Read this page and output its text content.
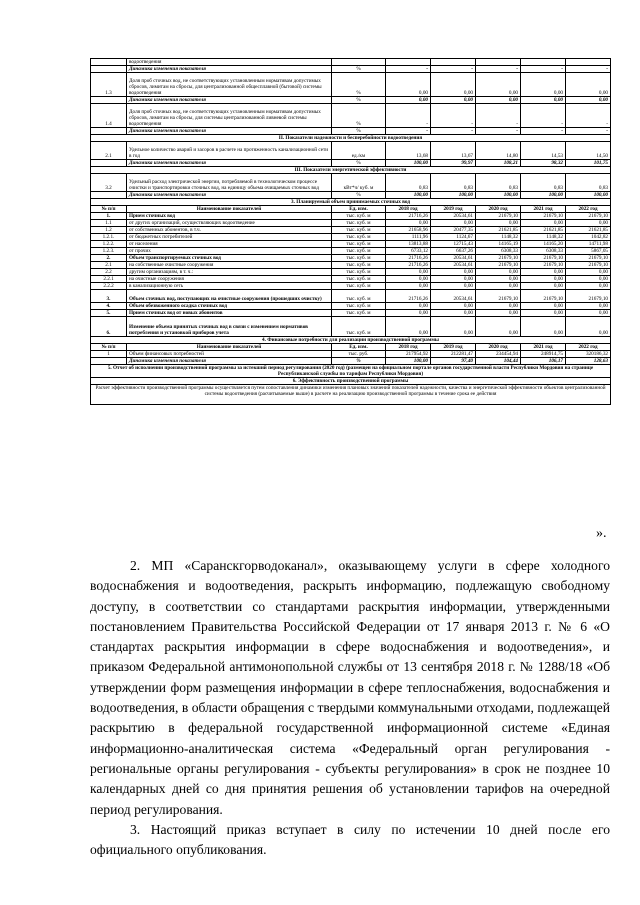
	водоотведения						
	Динамика изменения показателя	%	-	-	-	-	-
1.3	Доля проб сточных вод, не соответствующих установленным нормативам допустимых сбросов, лимитам на сбросы, для централизованной общесплавной (бытовой) системы водоотведения	%	0,00	0,00	0,00	0,00	0,00
	Динамика изменения показателя	%	0,00	0,00	0,00	0,00	0,00
1.4	Доля проб сточных вод, не соответствующих установленным нормативам допустимых сбросов, лимитам на сбросы, для системы централизованной ливневой системы водоотведения	%	-	-	-	-	-
	Динамика изменения показателя	%	-	-	-	-	-
II. Показатели надежности и бесперебойности водоотведения							
2.1	Удельное количество аварий и засоров в расчете на протяженность канализационной сети в год	ед./км	13,68	13,67	14,80	14,53	14,50
	Динамика изменения показателя	%	100,00	99,97	108,21	98,32	101,75
III. Показатели энергетической эффективности							
3.2	Удельный расход электрической энергии, потребляемой в технологическом процессе очистки и транспортировки сточных вод, на единицу объема очищаемых сточных вод	кВт*ч/ куб. м	0,83	0,83	0,83	0,83	0,83
	Динамика изменения показателя	%	100,00	100,00	100,00	100,00	100,00
3. Планируемый объем принимаемых сточных вод							
№ п/п	Наименование показателей	Ед. изм.	2018 год	2019 год	2020 год	2021 год	2022 год
1.	Прием сточных вод	тыс. куб. м	21716,26	20534,61	21679,10	21679,10	21679,10
1.1	от других организаций, осуществляющих водоотведение	тыс. куб. м	0,00	0,00	0,00	0,00	0,00
1.2	от собственных абонентов, в т.ч.	тыс. куб. м	21658,96	20477,35	21621,85	21621,85	21621,85
1.2.1.	от бюджетных потребителей	тыс. куб. м	1111,96	1124,67	1148,32	1148,32	1042,82
1.2.2.	от населения	тыс. куб. м	13813,88	12715,43	14165,19	14165,20	14711,98
1.2.3.	от прочих	тыс. куб. м	6733,12	6637,26	6308,33	6308,33	5867,05
2.	Объем транспортируемых сточных вод	тыс. куб. м	21716,26	20534,61	21679,10	21679,10	21679,10
2.1	на собственные очистные сооружения	тыс. куб. м	21716,26	20534,61	21679,10	21679,10	21679,10
2.2	другим организациям, в т. ч.:	тыс. куб. м	0,00	0,00	0,00	0,00	0,00
2.2.1	на очистные сооружения	тыс. куб. м	0,00	0,00	0,00	0,00	0,00
2.2.2	в канализационную сеть	тыс. куб. м	0,00	0,00	0,00	0,00	0,00
3.	Объем сточных вод, поступающих на очистные сооружения (прошедших очистку)	тыс. куб. м	21716,26	20534,61	21679,10	21679,10	21679,10
4.	Объем обезвоженного осадка сточных вод	тыс. куб. м	0,00	0,00	0,00	0,00	0,00
5.	Прием сточных вод от новых абонентов	тыс. куб. м	0,00	0,00	0,00	0,00	0,00
6.	Изменение объема принятых сточных вод в связи с изменением нормативов потребления и установкой приборов учета	тыс. куб. м	0,00	0,00	0,00	0,00	0,00
4. Финансовые потребности для реализации производственной программы							
№ п/п	Наименование показателей	Ед. изм.	2018 год	2019 год	2020 год	2021 год	2022 год
1	Объем финансовых потребностей	тыс. руб.	217954,92	212281,47	234454,94	248914,75	320186,32
	Динамика изменения показателя	%	100,00	97,40	104,44	106,17	128,63
5. Отчет об исполнении производственной программы за истекший период регулирования (2020 год) (размещен на официальном портале органов государственной власти Республики Мордовия на странице Республиканской службы по тарифам Республики Мордовия)							
6. Эффективность производственной программы							
Расчет эффективности производственной программы осуществляется путем сопоставления динамики изменения плановых значений показателей надежности, качества и энергетической эффективности объектов централизованной системы водоотведения (расчитываемые выше) в расчете на реализацию производственной программы в течение срока ее действия							
».

2. МП «Саранскгорводоканал», оказывающему услуги в сфере холодного водоснабжения и водоотведения, раскрыть информацию, подлежащую свободному доступу, в соответствии со стандартами раскрытия информации, утвержденными постановлением Правительства Российской Федерации от 17 января 2013 г. № 6 «О стандартах раскрытия информации в сфере водоснабжения и водоотведения», и приказом Федеральной антимонопольной службы от 13 сентября 2018 г. № 1288/18 «Об утверждении форм размещения информации в сфере теплоснабжения, водоснабжения и водоотведения, в области обращения с твердыми коммунальными отходами, подлежащей раскрытию в федеральной государственной информационной системе «Единая информационно-аналитическая система «Федеральный орган регулирования - региональные органы регулирования - субъекты регулирования» в срок не позднее 10 календарных дней со дня принятия решения об установлении тарифов на очередной период регулирования.

3. Настоящий приказ вступает в силу по истечении 10 дней после его официального опубликования.
